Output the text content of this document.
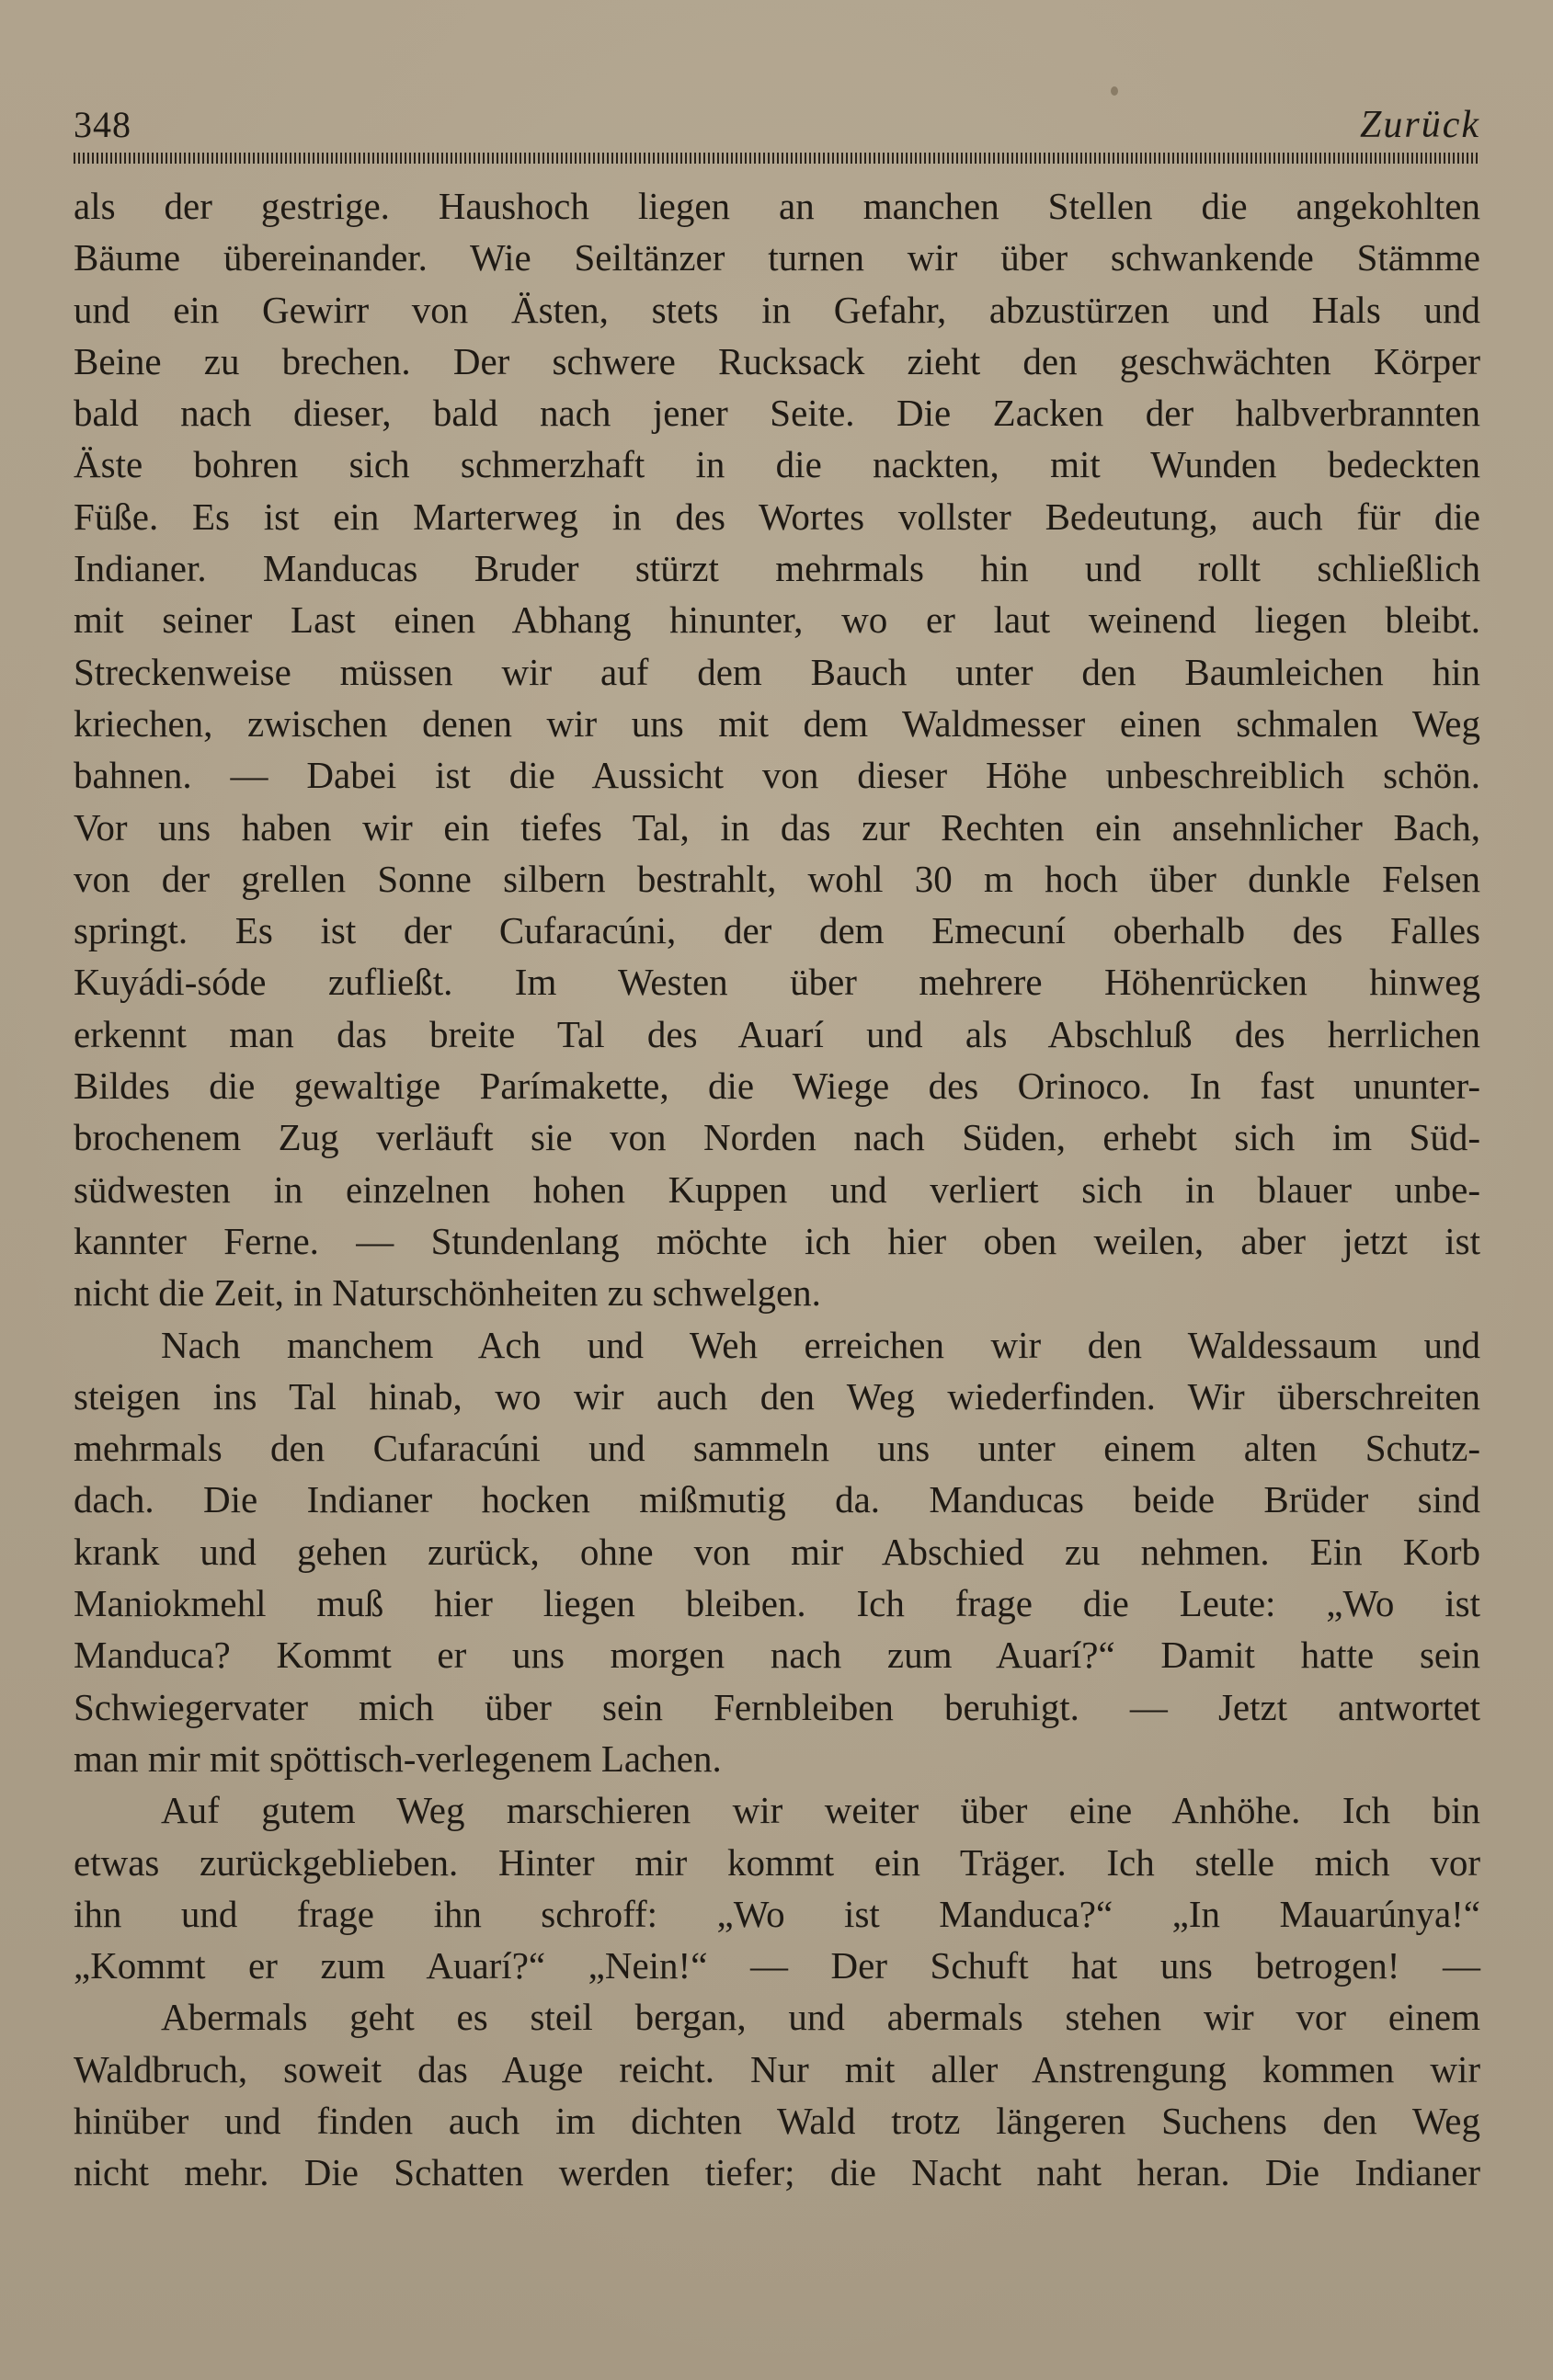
348	Zurück

als der gestrige. Haushoch liegen an manchen Stellen die angekohlten

Bäume übereinander. Wie Seiltänzer turnen wir über schwankende Stämme

und ein Gewirr von Ästen, stets in Gefahr, abzustürzen und Hals und

Beine zu brechen. Der schwere Rucksack zieht den geschwächten Körper

bald nach dieser, bald nach jener Seite. Die Zacken der halbverbrannten

Äste bohren sich schmerzhaft in die nackten, mit Wunden bedeckten

Füße. Es ist ein Marterweg in des Wortes vollster Bedeutung, auch für die

Indianer. Manducas Bruder stürzt mehrmals hin und rollt schließlich

mit seiner Last einen Abhang hinunter, wo er laut weinend liegen bleibt.

Streckenweise müssen wir auf dem Bauch unter den Baumleichen hin

kriechen, zwischen denen wir uns mit dem Waldmesser einen schmalen Weg

bahnen. — Dabei ist die Aussicht von dieser Höhe unbeschreiblich schön.

Vor uns haben wir ein tiefes Tal, in das zur Rechten ein ansehnlicher Bach,

von der grellen Sonne silbern bestrahlt, wohl 30 m hoch über dunkle Felsen

springt. Es ist der Cufaracúni, der dem Emecuní oberhalb des Falles

Kuyádi-sóde zufließt. Im Westen über mehrere Höhenrücken hinweg

erkennt man das breite Tal des Auarí und als Abschluß des herrlichen

Bildes die gewaltige Parímakette, die Wiege des Orinoco. In fast ununter-

brochenem Zug verläuft sie von Norden nach Süden, erhebt sich im Süd-

südwesten in einzelnen hohen Kuppen und verliert sich in blauer unbe-

kannter Ferne. — Stundenlang möchte ich hier oben weilen, aber jetzt ist

nicht die Zeit, in Naturschönheiten zu schwelgen.

Nach manchem Ach und Weh erreichen wir den Waldessaum und

steigen ins Tal hinab, wo wir auch den Weg wiederfinden. Wir überschreiten

mehrmals den Cufaracúni und sammeln uns unter einem alten Schutz-

dach. Die Indianer hocken mißmutig da. Manducas beide Brüder sind

krank und gehen zurück, ohne von mir Abschied zu nehmen. Ein Korb

Maniokmehl muß hier liegen bleiben. Ich frage die Leute: „Wo ist

Manduca? Kommt er uns morgen nach zum Auarí?“ Damit hatte sein

Schwiegervater mich über sein Fernbleiben beruhigt. — Jetzt antwortet

man mir mit spöttisch-verlegenem Lachen.

Auf gutem Weg marschieren wir weiter über eine Anhöhe. Ich bin

etwas zurückgeblieben. Hinter mir kommt ein Träger. Ich stelle mich vor

ihn und frage ihn schroff: „Wo ist Manduca?“ „In Mauarúnya!“

„Kommt er zum Auarí?“ „Nein!“ — Der Schuft hat uns betrogen! —

Abermals geht es steil bergan, und abermals stehen wir vor einem

Waldbruch, soweit das Auge reicht. Nur mit aller Anstrengung kommen wir

hinüber und finden auch im dichten Wald trotz längeren Suchens den Weg

nicht mehr. Die Schatten werden tiefer; die Nacht naht heran. Die Indianer
